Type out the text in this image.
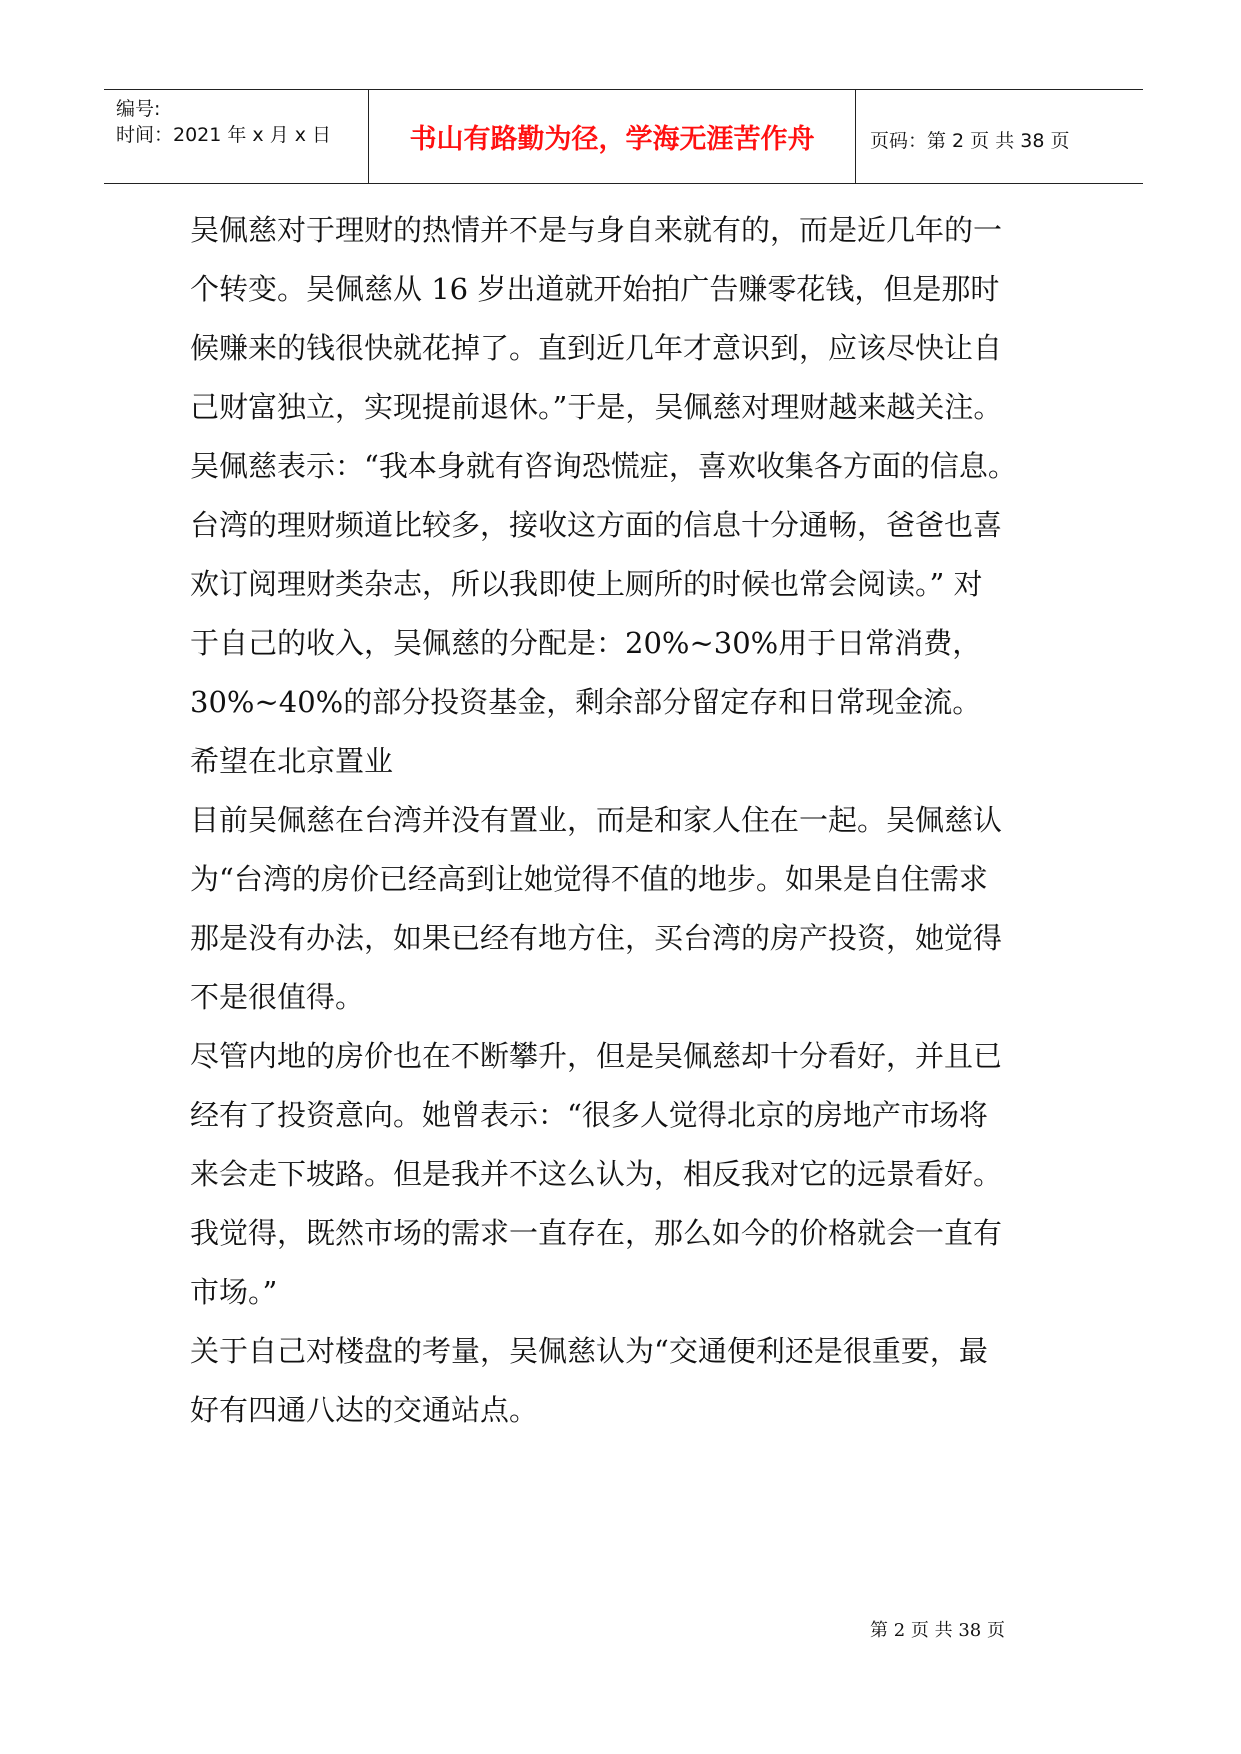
编号:
时间：2021 年 x 月 x 日	书山有路勤为径，学海无涯苦作舟	页码：第 2 页 共 38 页
吴佩慈对于理财的热情并不是与身自来就有的，而是近几年的一
个转变。吴佩慈从 16 岁出道就开始拍广告赚零花钱，但是那时
候赚来的钱很快就花掉了。直到近几年才意识到，应该尽快让自
己财富独立，实现提前退休。”于是，吴佩慈对理财越来越关注。
吴佩慈表示：“我本身就有咨询恐慌症，喜欢收集各方面的信息。
台湾的理财频道比较多，接收这方面的信息十分通畅，爸爸也喜
欢订阅理财类杂志，所以我即使上厕所的时候也常会阅读。” 对
于自己的收入，吴佩慈的分配是：20%~30%用于日常消费，
30%~40%的部分投资基金，剩余部分留定存和日常现金流。
希望在北京置业
目前吴佩慈在台湾并没有置业，而是和家人住在一起。吴佩慈认
为“台湾的房价已经高到让她觉得不值的地步。如果是自住需求
那是没有办法，如果已经有地方住，买台湾的房产投资，她觉得
不是很值得。
尽管内地的房价也在不断攀升，但是吴佩慈却十分看好，并且已
经有了投资意向。她曾表示：“很多人觉得北京的房地产市场将
来会走下坡路。但是我并不这么认为，相反我对它的远景看好。
我觉得，既然市场的需求一直存在，那么如今的价格就会一直有
市场。”
关于自己对楼盘的考量，吴佩慈认为“交通便利还是很重要，最
好有四通八达的交通站点。
第 2 页 共 38 页
